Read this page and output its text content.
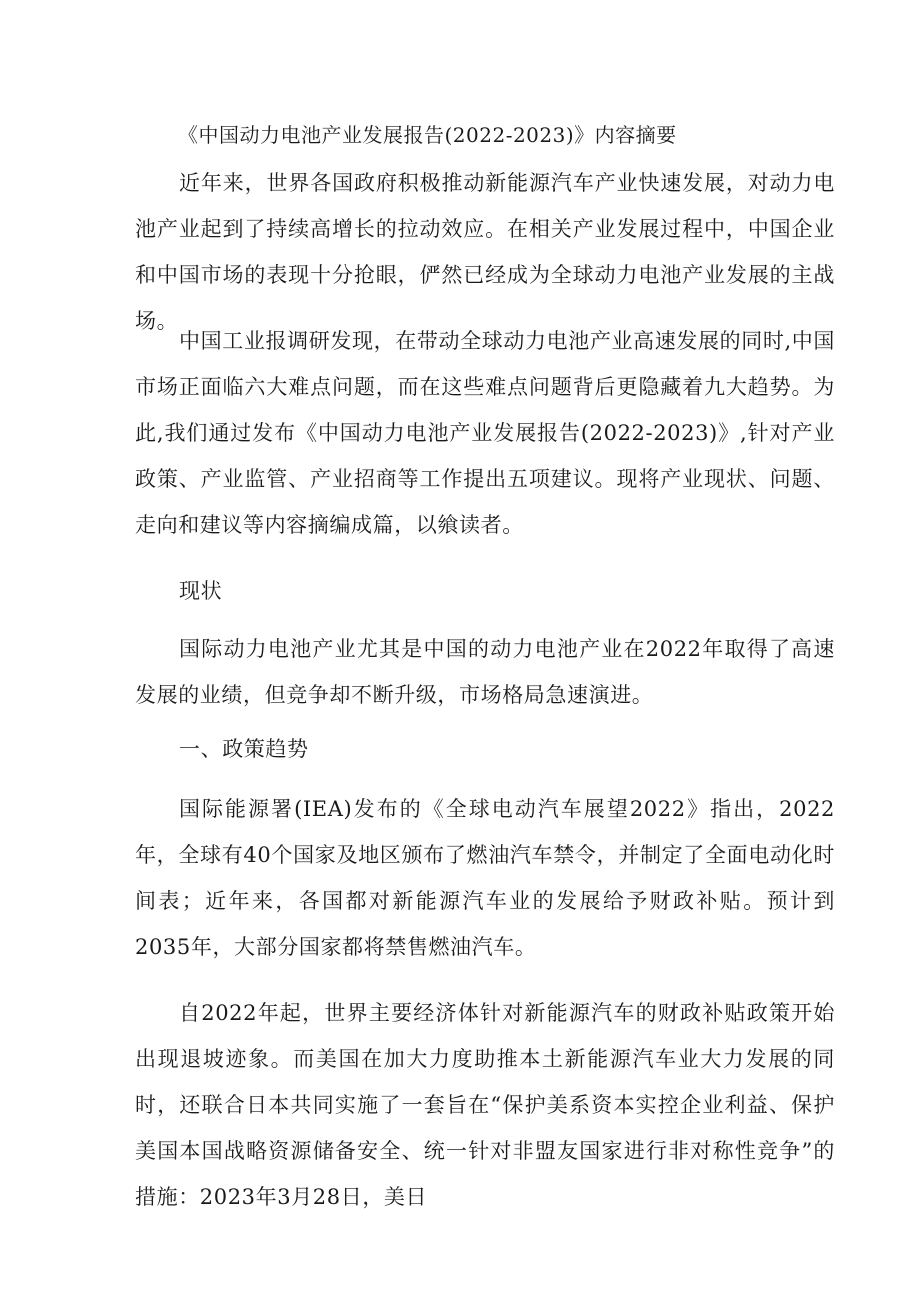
《中国动力电池产业发展报告(2022-2023)》内容摘要

近年来，世界各国政府积极推动新能源汽车产业快速发展，对动力电池产业起到了持续高增长的拉动效应。在相关产业发展过程中，中国企业和中国市场的表现十分抢眼，俨然已经成为全球动力电池产业发展的主战场。

中国工业报调研发现，在带动全球动力电池产业高速发展的同时,中国市场正面临六大难点问题，而在这些难点问题背后更隐藏着九大趋势。为此,我们通过发布《中国动力电池产业发展报告(2022-2023)》,针对产业政策、产业监管、产业招商等工作提出五项建议。现将产业现状、问题、走向和建议等内容摘编成篇，以飨读者。

现状

国际动力电池产业尤其是中国的动力电池产业在2022年取得了高速发展的业绩，但竞争却不断升级，市场格局急速演进。

一、政策趋势

国际能源署(IEA)发布的《全球电动汽车展望2022》指出，2022年，全球有40个国家及地区颁布了燃油汽车禁令，并制定了全面电动化时间表；近年来，各国都对新能源汽车业的发展给予财政补贴。预计到2035年，大部分国家都将禁售燃油汽车。

自2022年起，世界主要经济体针对新能源汽车的财政补贴政策开始出现退坡迹象。而美国在加大力度助推本土新能源汽车业大力发展的同时，还联合日本共同实施了一套旨在“保护美系资本实控企业利益、保护美国本国战略资源储备安全、统一针对非盟友国家进行非对称性竞争”的措施：2023年3月28日，美日
